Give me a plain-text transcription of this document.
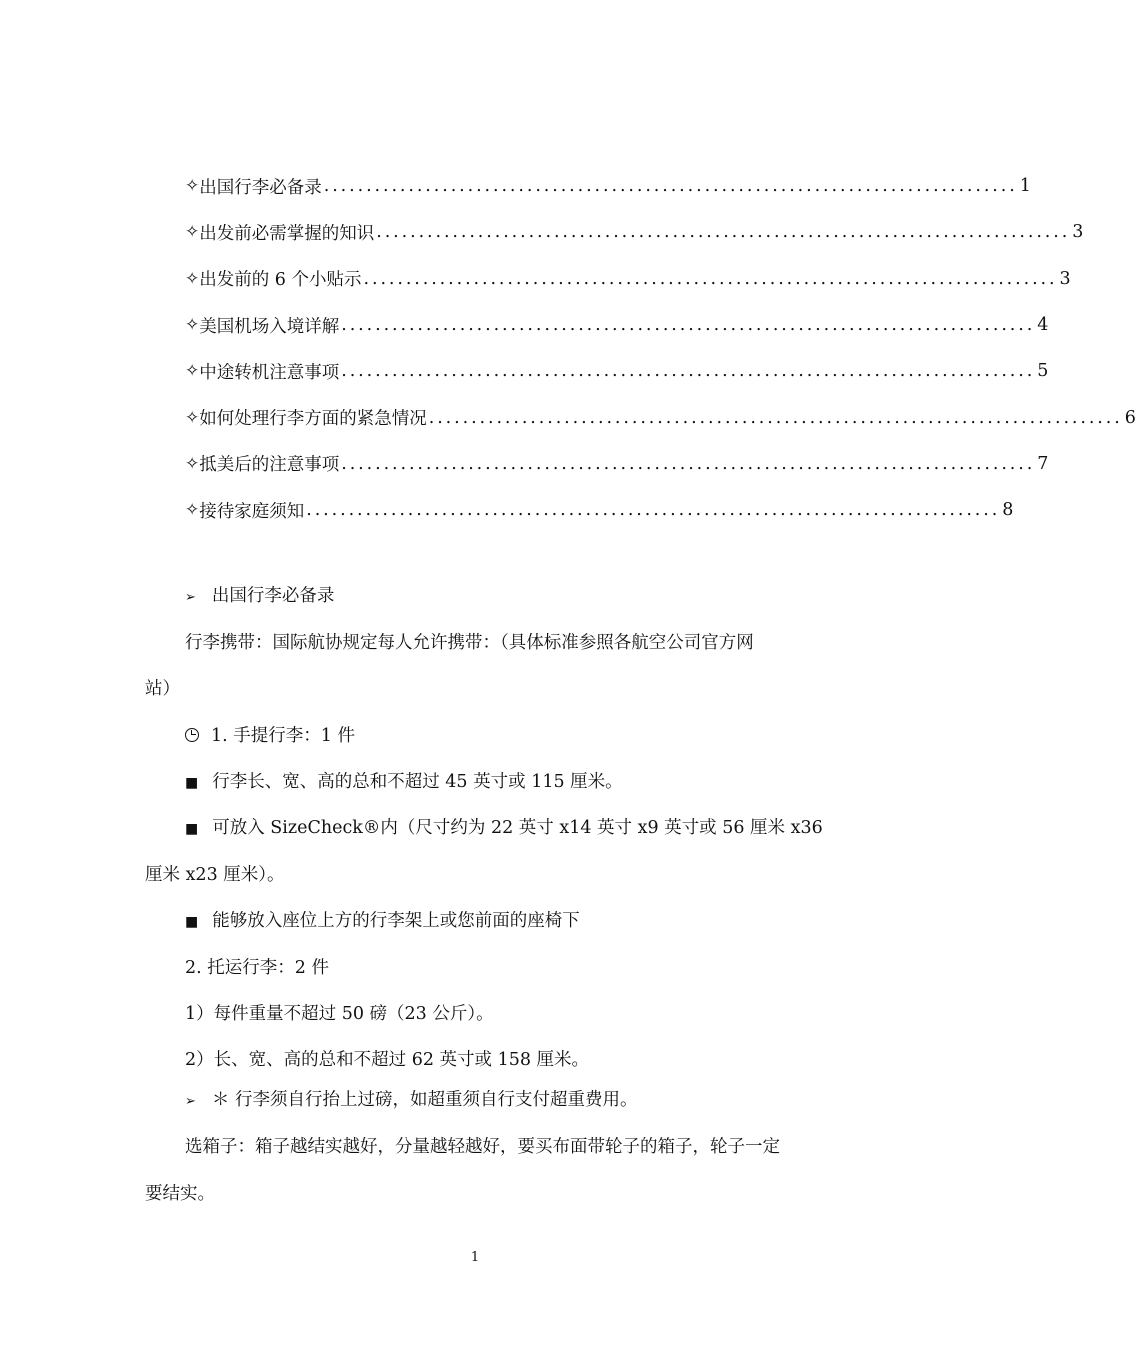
✧ 出国行李必备录 .................................................................................. 1
✧ 出发前必需掌握的知识 .................................................................................. 3
✧ 出发前的 6 个小贴示 .................................................................................. 3
✧ 美国机场入境详解 .................................................................................. 4
✧ 中途转机注意事项 .................................................................................. 5
✧ 如何处理行李方面的紧急情况 .................................................................................. 6
✧ 抵美后的注意事项 .................................................................................. 7
✧ 接待家庭须知 .................................................................................. 8
➢ 出国行李必备录
行李携带：国际航协规定每人允许携带：（具体标准参照各航空公司官方网
站）
1. 手提行李：1 件
■ 行李长、宽、高的总和不超过 45 英寸或 115 厘米。
■ 可放入 SizeCheck®内（尺寸约为 22 英寸 x14 英寸 x9 英寸或 56 厘米 x36
厘米 x23 厘米）。
■ 能够放入座位上方的行李架上或您前面的座椅下
2. 托运行李：2 件
1）每件重量不超过 50 磅（23 公斤）。
2）长、宽、高的总和不超过 62 英寸或 158 厘米。
➢ ＊ 行李须自行抬上过磅，如超重须自行支付超重费用。
选箱子：箱子越结实越好，分量越轻越好，要买布面带轮子的箱子，轮子一定
要结实。
1
